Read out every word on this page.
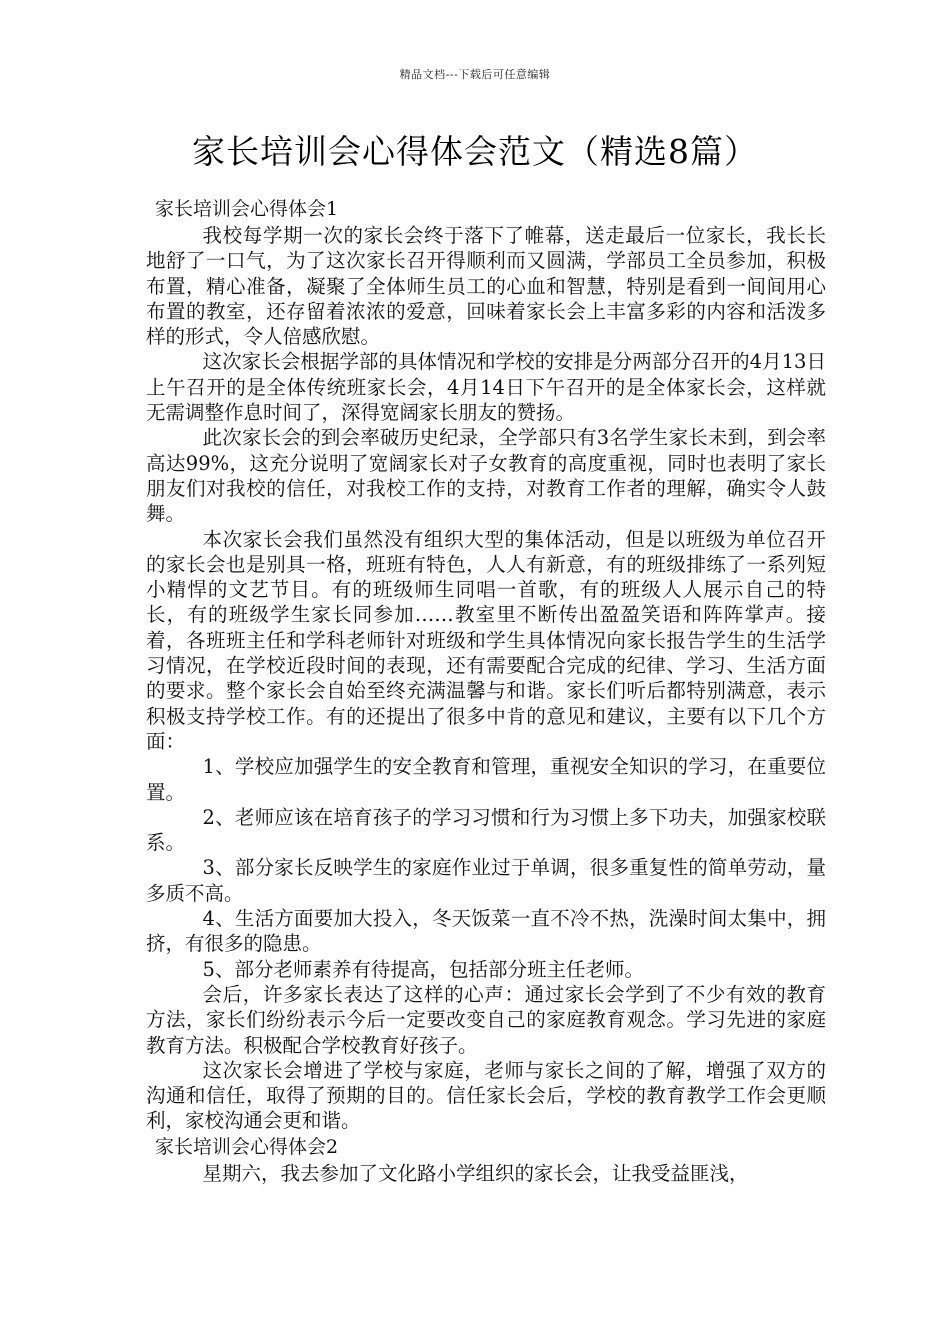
精品文档---下载后可任意编辑
家长培训会心得体会范文（精选8篇）
家长培训会心得体会1

我校每学期一次的家长会终于落下了帷幕，送走最后一位家长，我长长地舒了一口气，为了这次家长召开得顺利而又圆满，学部员工全员参加，积极布置，精心准备，凝聚了全体师生员工的心血和智慧，特别是看到一间间用心布置的教室，还存留着浓浓的爱意，回味着家长会上丰富多彩的内容和活泼多样的形式，令人倍感欣慰。

这次家长会根据学部的具体情况和学校的安排是分两部分召开的4月13日上午召开的是全体传统班家长会，4月14日下午召开的是全体家长会，这样就无需调整作息时间了，深得宽阔家长朋友的赞扬。

此次家长会的到会率破历史纪录，全学部只有3名学生家长未到，到会率高达99%，这充分说明了宽阔家长对子女教育的高度重视，同时也表明了家长朋友们对我校的信任，对我校工作的支持，对教育工作者的理解，确实令人鼓舞。

本次家长会我们虽然没有组织大型的集体活动，但是以班级为单位召开的家长会也是别具一格，班班有特色，人人有新意，有的班级排练了一系列短小精悍的文艺节目。有的班级师生同唱一首歌，有的班级人人展示自己的特长，有的班级学生家长同参加……教室里不断传出盈盈笑语和阵阵掌声。接着，各班班主任和学科老师针对班级和学生具体情况向家长报告学生的生活学习情况，在学校近段时间的表现，还有需要配合完成的纪律、学习、生活方面的要求。整个家长会自始至终充满温馨与和谐。家长们听后都特别满意，表示积极支持学校工作。有的还提出了很多中肯的意见和建议，主要有以下几个方面：

1、学校应加强学生的安全教育和管理，重视安全知识的学习，在重要位置。

2、老师应该在培育孩子的学习习惯和行为习惯上多下功夫，加强家校联系。

3、部分家长反映学生的家庭作业过于单调，很多重复性的简单劳动，量多质不高。

4、生活方面要加大投入，冬天饭菜一直不冷不热，洗澡时间太集中，拥挤，有很多的隐患。

5、部分老师素养有待提高，包括部分班主任老师。

会后，许多家长表达了这样的心声：通过家长会学到了不少有效的教育方法，家长们纷纷表示今后一定要改变自己的家庭教育观念。学习先进的家庭教育方法。积极配合学校教育好孩子。

这次家长会增进了学校与家庭，老师与家长之间的了解，增强了双方的沟通和信任，取得了预期的目的。信任家长会后，学校的教育教学工作会更顺利，家校沟通会更和谐。

家长培训会心得体会2

星期六，我去参加了文化路小学组织的家长会，让我受益匪浅，
